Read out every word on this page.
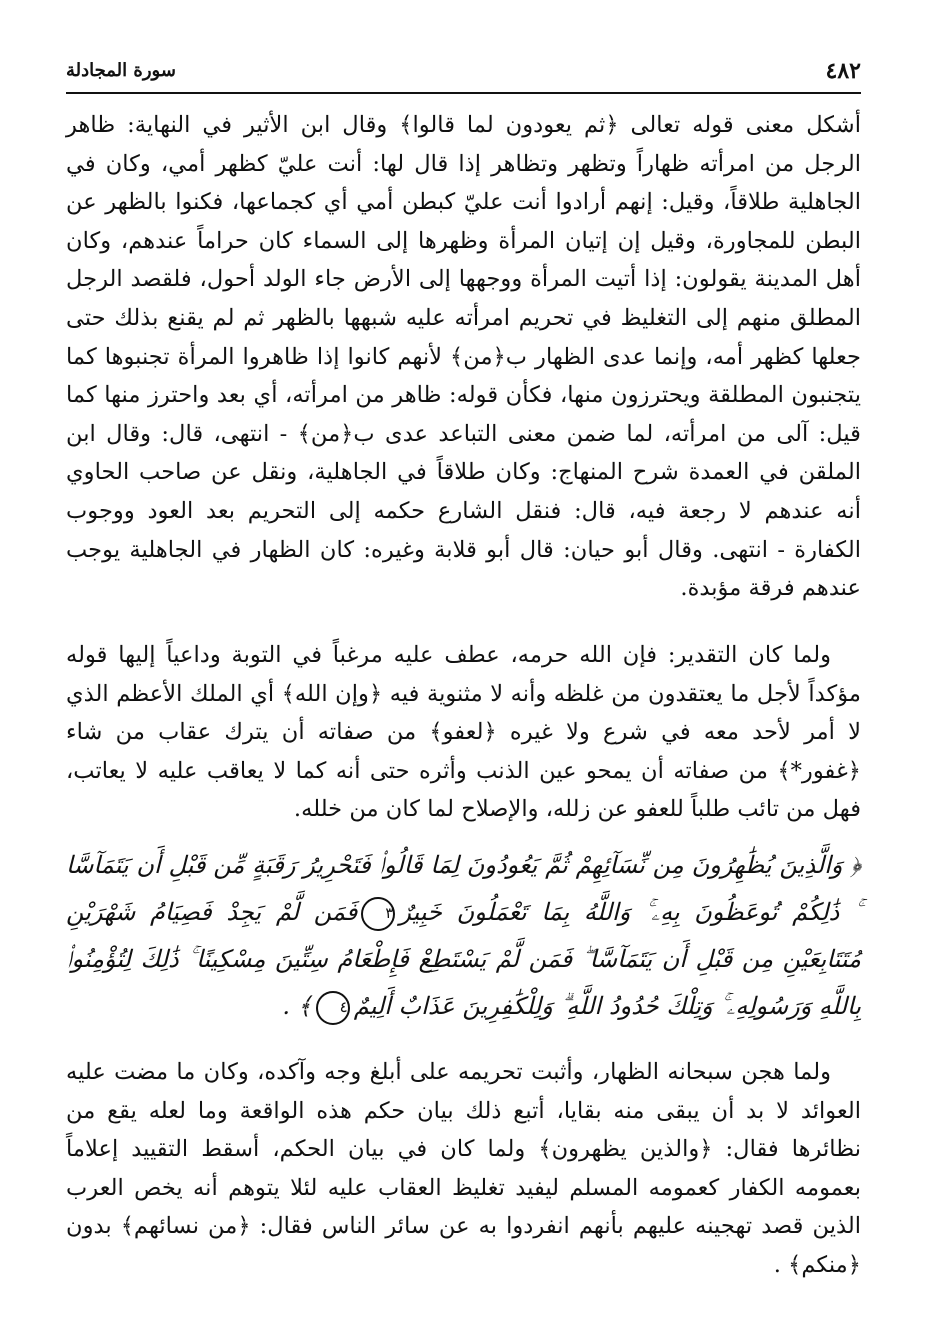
٤٨٢
سورة المجادلة

أشكل معنى قوله تعالى ﴿ثم يعودون لما قالوا﴾ وقال ابن الأثير في النهاية: ظاهر الرجل من امرأته ظهاراً وتظهر وتظاهر إذا قال لها: أنت عليّ كظهر أمي، وكان في الجاهلية طلاقاً، وقيل: إنهم أرادوا أنت عليّ كبطن أمي أي كجماعها، فكنوا بالظهر عن البطن للمجاورة، وقيل إن إتيان المرأة وظهرها إلى السماء كان حراماً عندهم، وكان أهل المدينة يقولون: إذا أتيت المرأة ووجهها إلى الأرض جاء الولد أحول، فلقصد الرجل المطلق منهم إلى التغليظ في تحريم امرأته عليه شبهها بالظهر ثم لم يقنع بذلك حتى جعلها كظهر أمه، وإنما عدى الظهار ب﴿من﴾ لأنهم كانوا إذا ظاهروا المرأة تجنبوها كما يتجنبون المطلقة ويحترزون منها، فكأن قوله: ظاهر من امرأته، أي بعد واحترز منها كما قيل: آلى من امرأته، لما ضمن معنى التباعد عدى ب﴿من﴾ - انتهى، قال: وقال ابن الملقن في العمدة شرح المنهاج: وكان طلاقاً في الجاهلية، ونقل عن صاحب الحاوي أنه عندهم لا رجعة فيه، قال: فنقل الشارع حكمه إلى التحريم بعد العود ووجوب الكفارة - انتهى. وقال أبو حيان: قال أبو قلابة وغيره: كان الظهار في الجاهلية يوجب عندهم فرقة مؤبدة.

ولما كان التقدير: فإن الله حرمه، عطف عليه مرغباً في التوبة وداعياً إليها قوله مؤكداً لأجل ما يعتقدون من غلظه وأنه لا مثنوية فيه ﴿وإن الله﴾ أي الملك الأعظم الذي لا أمر لأحد معه في شرع ولا غيره ﴿لعفو﴾ من صفاته أن يترك عقاب من شاء ﴿غفور*﴾ من صفاته أن يمحو عين الذنب وأثره حتى أنه كما لا يعاقب عليه لا يعاتب، فهل من تائب طلباً للعفو عن زلله، والإصلاح لما كان من خلله.

﴿ وَالَّذِينَ يُظَٰهِرُونَ مِن نِّسَآئِهِمْ ثُمَّ يَعُودُونَ لِمَا قَالُوا۟ فَتَحْرِيرُ رَقَبَةٍ مِّن قَبْلِ أَن يَتَمَآسَّا ۚ ذَٰلِكُمْ تُوعَظُونَ بِهِۦ ۚ وَاللَّهُ بِمَا تَعْمَلُونَ خَبِيرٌ٣فَمَن لَّمْ يَجِدْ فَصِيَامُ شَهْرَيْنِ مُتَتَابِعَيْنِ مِن قَبْلِ أَن يَتَمَآسَّا ۖ فَمَن لَّمْ يَسْتَطِعْ فَإِطْعَامُ سِتِّينَ مِسْكِينًا ۚ ذَٰلِكَ لِتُؤْمِنُوا۟ بِاللَّهِ وَرَسُولِهِۦ ۚ وَتِلْكَ حُدُودُ اللَّهِ ۗ وَلِلْكَٰفِرِينَ عَذَابٌ أَلِيمٌ٤﴾ .

ولما هجن سبحانه الظهار، وأثبت تحريمه على أبلغ وجه وآكده، وكان ما مضت عليه العوائد لا بد أن يبقى منه بقايا، أتبع ذلك بيان حكم هذه الواقعة وما لعله يقع من نظائرها فقال: ﴿والذين يظهرون﴾ ولما كان في بيان الحكم، أسقط التقييد إعلاماً بعمومه الكفار كعمومه المسلم ليفيد تغليظ العقاب عليه لئلا يتوهم أنه يخص العرب الذين قصد تهجينه عليهم بأنهم انفردوا به عن سائر الناس فقال: ﴿من نسائهم﴾ بدون ﴿منكم﴾ .
